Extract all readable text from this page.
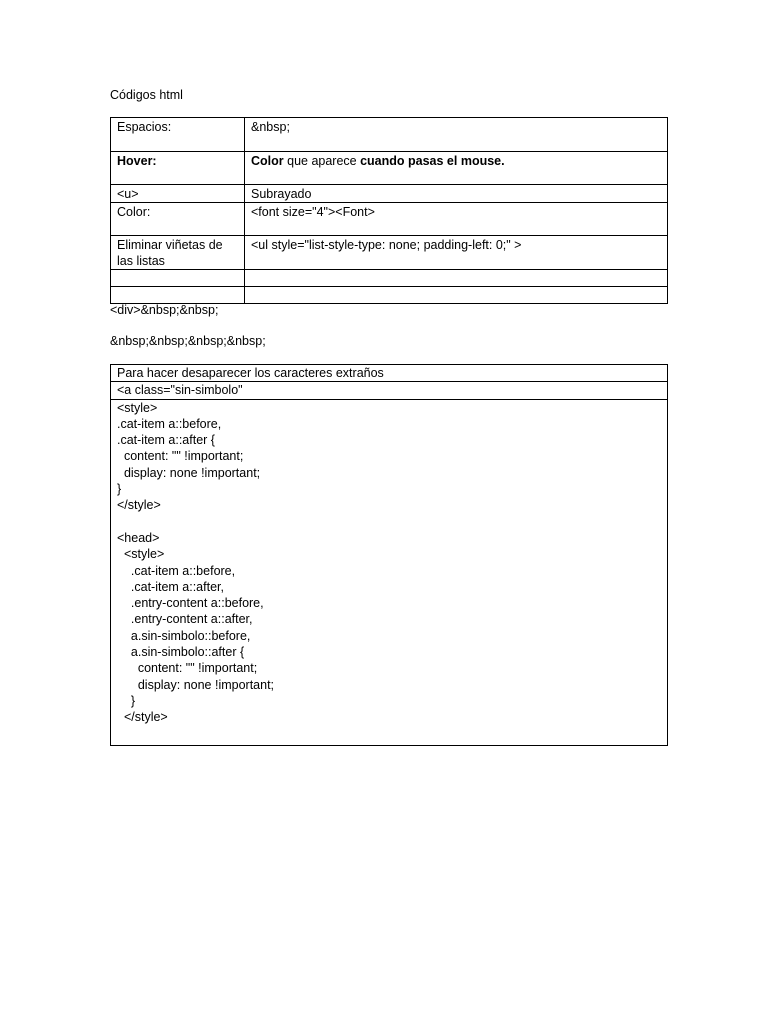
Códigos html
Espacios:	&nbsp;
Hover:	Color que aparece cuando pasas el mouse.
<u>	Subrayado
Color:	<font size="4"><Font>
Eliminar viñetas de las listas	<ul style="list-style-type: none; padding-left: 0;" >

<div>&nbsp;&nbsp;
&nbsp;&nbsp;&nbsp;&nbsp;
Para hacer desaparecer los caracteres extraños
<a class="sin-simbolo"

<style>
.cat-item a::before,
.cat-item a::after {
content: "" !important;
display: none !important;
}
</style>

<head>
<style>
.cat-item a::before,
.cat-item a::after,
.entry-content a::before,
.entry-content a::after,
a.sin-simbolo::before,
a.sin-simbolo::after {
content: "" !important;
display: none !important;
}
</style>
